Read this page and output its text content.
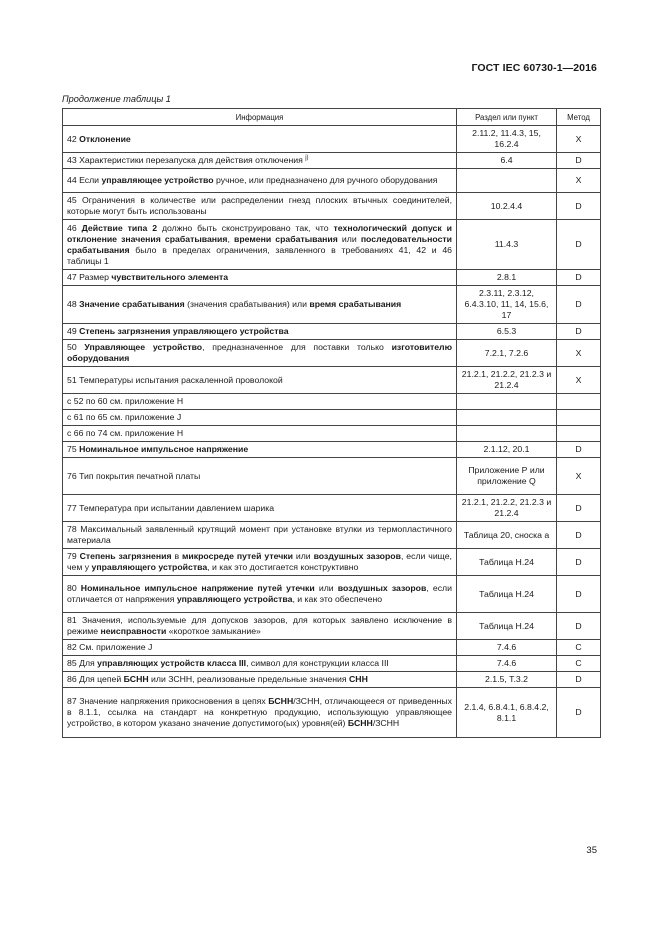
ГОСТ IEC 60730-1—2016
Продолжение таблицы 1
Информация	Раздел или пункт	Метод
42 Отклонение	2.11.2, 11.4.3, 15, 16.2.4	X
43 Характеристики перезапуска для действия отключения $^{j)}$	6.4	D
44 Если управляющее устройство ручное, или предназначено для ручного оборудования		X
45 Ограничения в количестве или распределении гнезд плоских втычных соединителей, которые могут быть использованы	10.2.4.4	D
46 Действие типа 2 должно быть сконструировано так, что технологический допуск и отклонение значения срабатывания, времени срабатывания или последовательности срабатывания было в пределах ограничения, заявленного в требованиях 41, 42 и 46 таблицы 1	11.4.3	D
47 Размер чувствительного элемента	2.8.1	D
48 Значение срабатывания (значения срабатывания) или время срабатывания	2.3.11, 2.3.12, 6.4.3.10, 11, 14, 15.6, 17	D
49 Степень загрязнения управляющего устройства	6.5.3	D
50 Управляющее устройство, предназначенное для поставки только изготовителю оборудования	7.2.1, 7.2.6	X
51 Температуры испытания раскаленной проволокой	21.2.1, 21.2.2, 21.2.3 и 21.2.4	X
с 52 по 60 см. приложение Н		
с 61 по 65 см. приложение J		
с 66 по 74 см. приложение Н		
75 Номинальное импульсное напряжение	2.1.12, 20.1	D
76 Тип покрытия печатной платы	Приложение Р или приложение Q	X
77 Температура при испытании давлением шарика	21.2.1, 21.2.2, 21.2.3 и 21.2.4	D
78 Максимальный заявленный крутящий момент при установке втулки из термопластичного материала	Таблица 20, сноска а	D
79 Степень загрязнения в микросреде путей утечки или воздушных зазоров, если чище, чем у управляющего устройства, и как это достигается конструктивно	Таблица Н.24	D
80 Номинальное импульсное напряжение путей утечки или воздушных зазоров, если отличается от напряжения управляющего устройства, и как это обеспечено	Таблица Н.24	D
81 Значения, используемые для допусков зазоров, для которых заявлено исключение в режиме неисправности «короткое замыкание»	Таблица Н.24	D
82 См. приложение J	7.4.6	C
85 Для управляющих устройств класса III, символ для конструкции класса III	7.4.6	C
86 Для цепей БСНН или ЗСНН, реализованые предельные значения СНН	2.1.5, Т.3.2	D
87 Значение напряжения прикосновения в цепях БСНН/ЗСНН, отличающееся от приведенных в 8.1.1, ссылка на стандарт на конкретную продукцию, использующую управляющее устройство, в котором указано значение допустимого(ых) уровня(ей) БСНН/ЗСНН	2.1.4, 6.8.4.1, 6.8.4.2, 8.1.1	D
35
